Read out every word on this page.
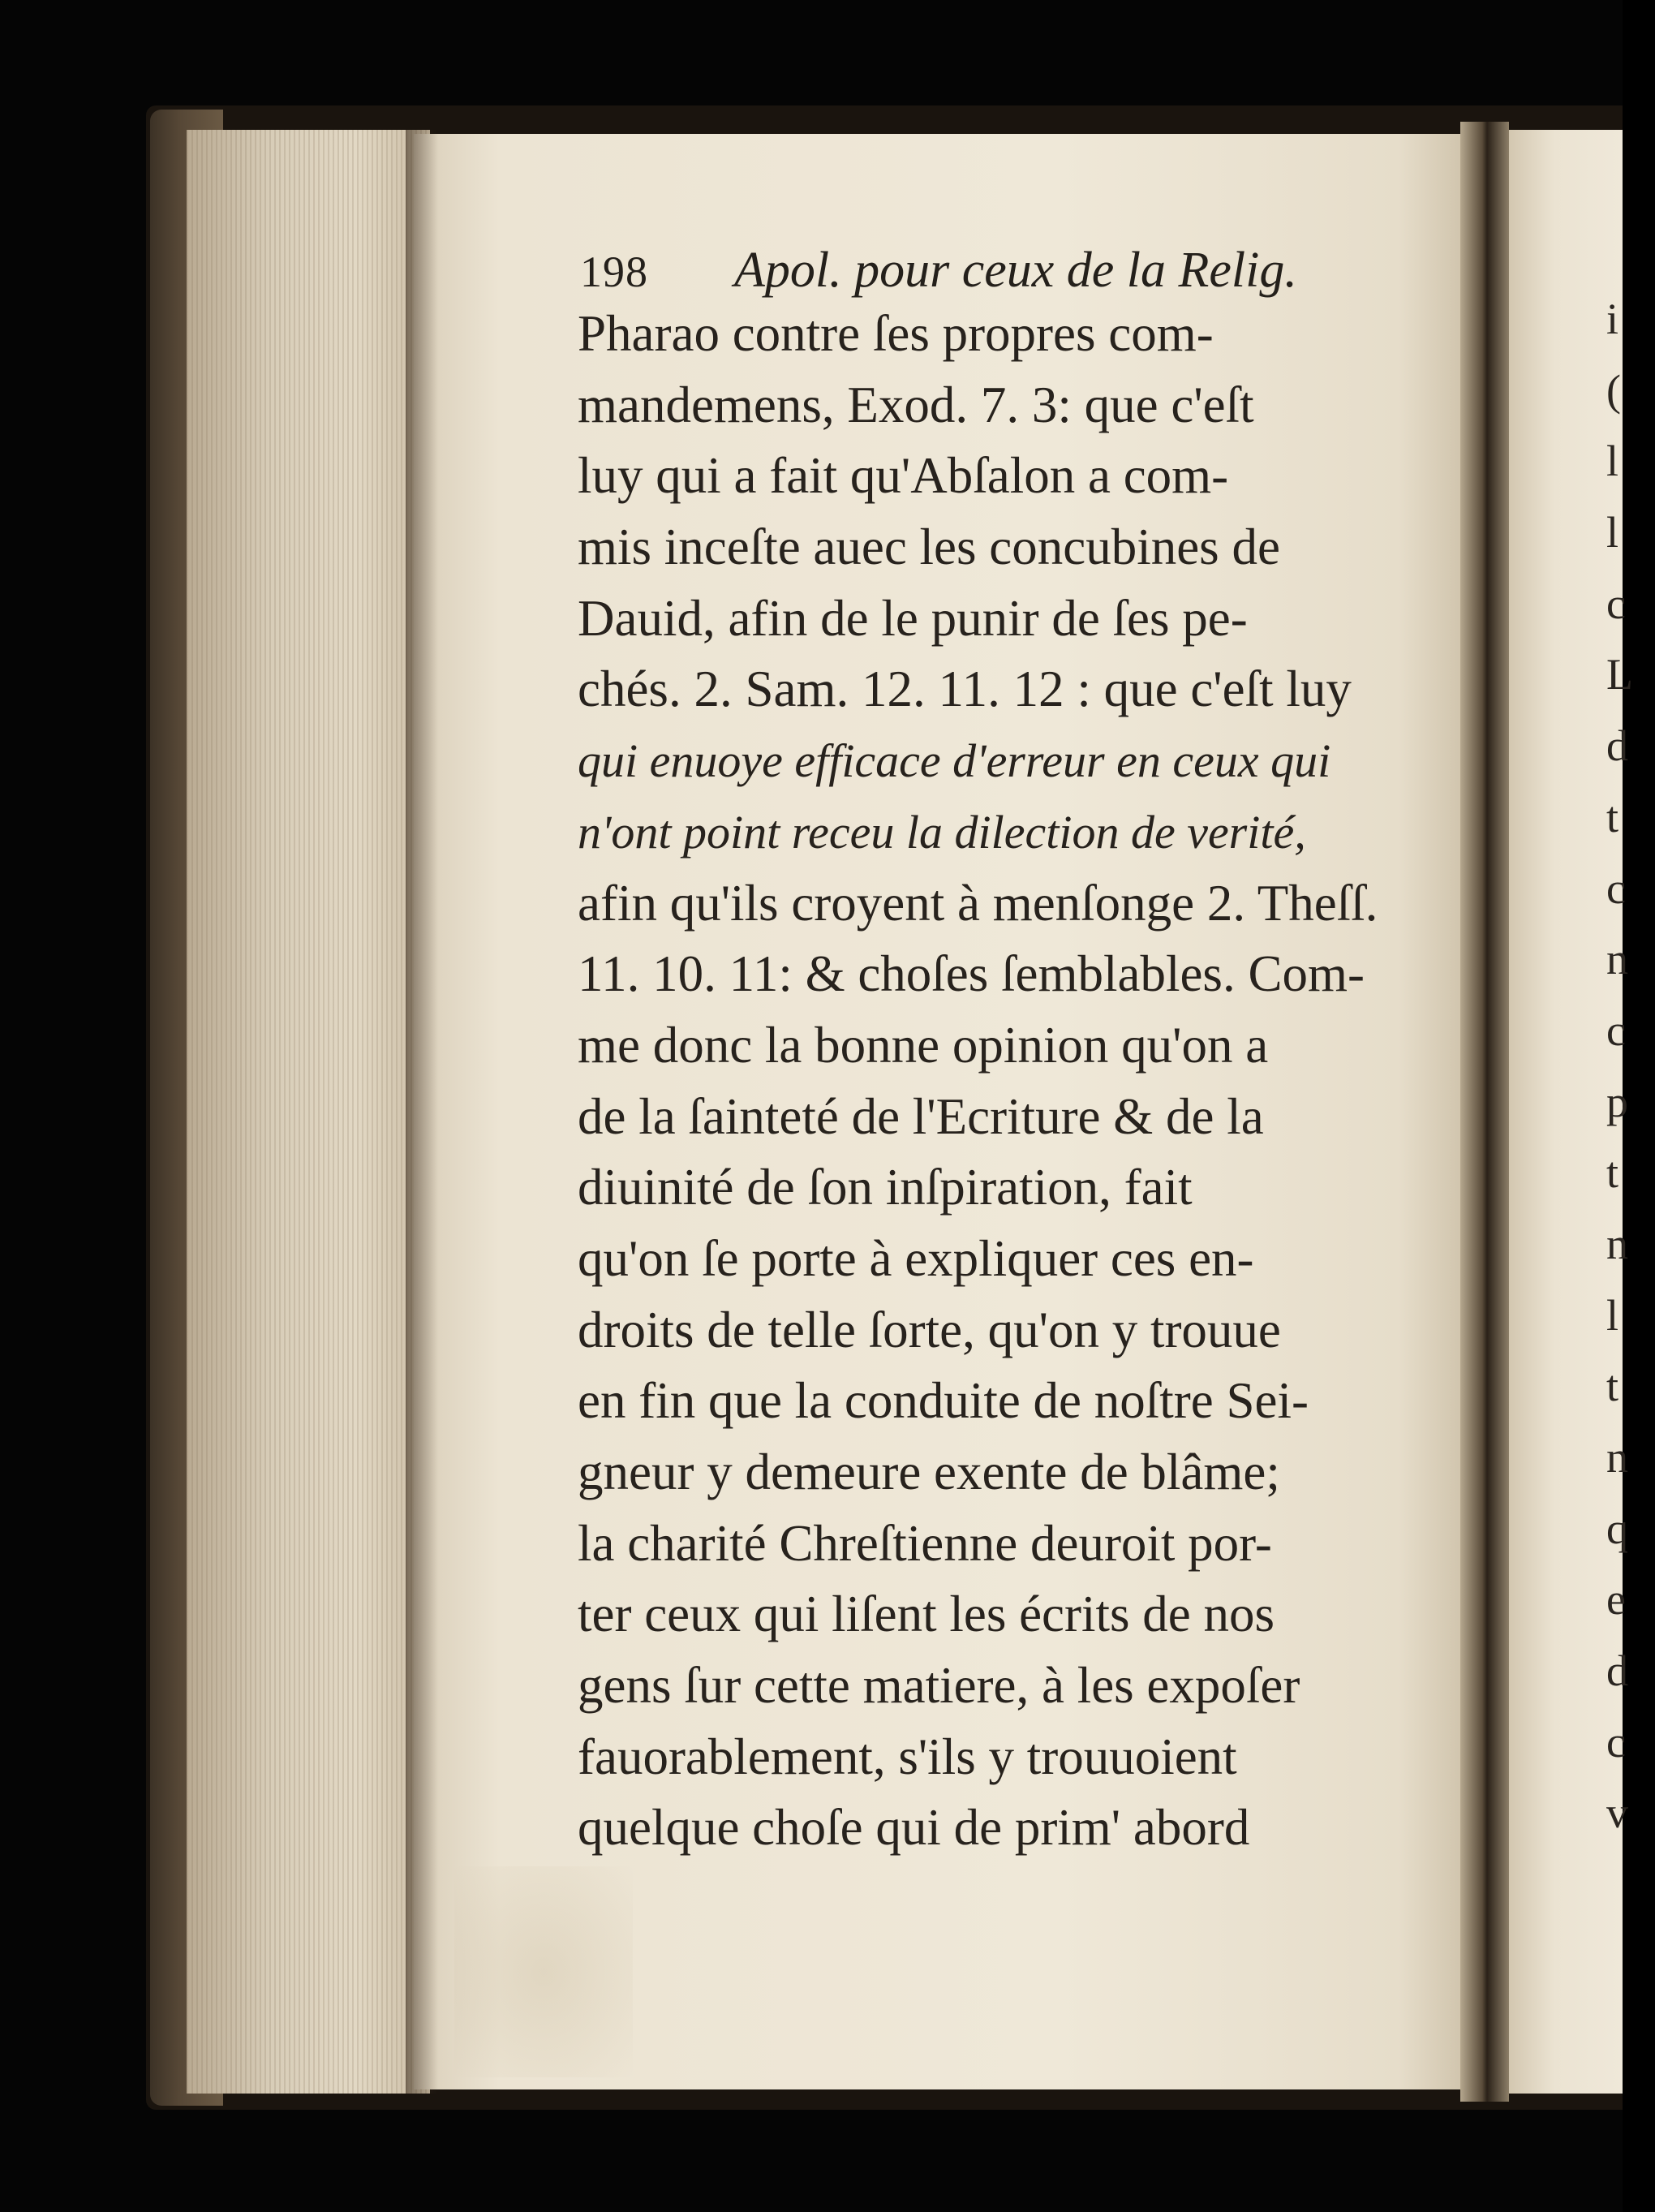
i
(
l
l
c
L
d
t
c
n
c
p
t
n
l
t
n
q
e
d
c
v
198 Apol. pour ceux de la Relig.
Pharao contre ſes propres com-
mandemens, Exod. 7. 3: que c'eſt
luy qui a fait qu'Abſalon a com-
mis inceſte auec les concubines de
Dauid, afin de le punir de ſes pe-
chés. 2. Sam. 12. 11. 12 : que c'eſt luy
qui enuoye efficace d'erreur en ceux qui
n'ont point receu la dilection de verité,
afin qu'ils croyent à menſonge 2. Theſſ.
11. 10. 11: & choſes ſemblables. Com-
me donc la bonne opinion qu'on a
de la ſainteté de l'Ecriture & de la
diuinité de ſon inſpiration, fait
qu'on ſe porte à expliquer ces en-
droits de telle ſorte, qu'on y trouue
en fin que la conduite de noſtre Sei-
gneur y demeure exente de blâme;
la charité Chreſtienne deuroit por-
ter ceux qui liſent les écrits de nos
gens ſur cette matiere, à les expoſer
fauorablement, s'ils y trouuoient
quelque choſe qui de prim' abord
